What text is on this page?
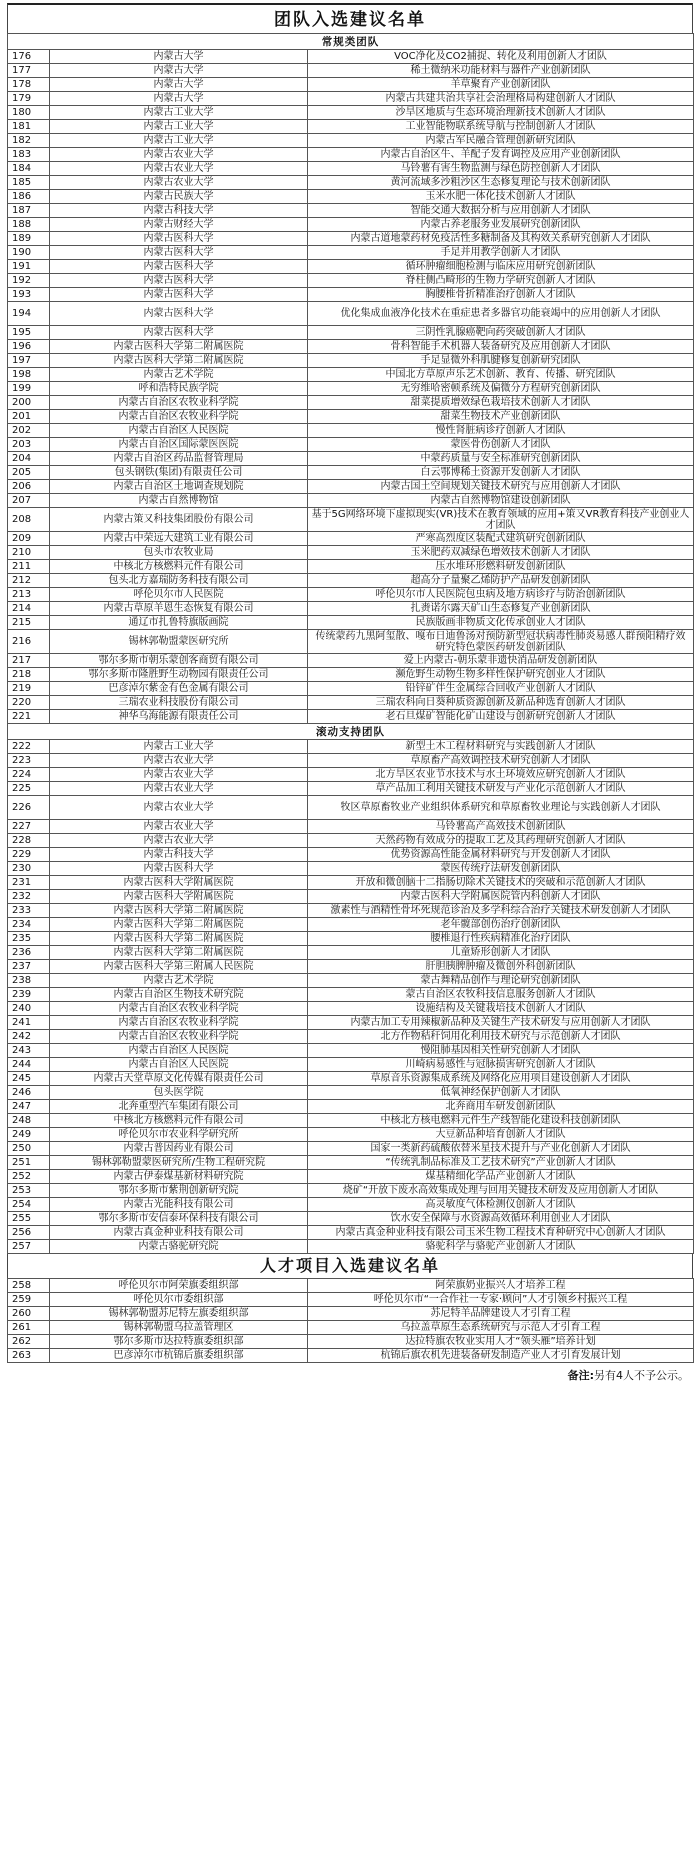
团队入选建议名单
常规类团队		
176	内蒙古大学	VOC净化及CO2捕捉、转化及利用创新人才团队
177	内蒙古大学	稀土微纳米功能材料与器件产业创新团队
178	内蒙古大学	羊草聚育产业创新团队
179	内蒙古大学	内蒙古共建共治共享社会治理格局构建创新人才团队
180	内蒙古工业大学	沙旱区地质与生态环境治理新技术创新人才团队
181	内蒙古工业大学	工业智能物联系统导航与控制创新人才团队
182	内蒙古工业大学	内蒙古军民融合管理创新研究团队
183	内蒙古农业大学	内蒙古自治区牛、羊配子发育调控及应用产业创新团队
184	内蒙古农业大学	马铃薯有害生物监测与绿色防控创新人才团队
185	内蒙古农业大学	黄河流域多沙粗沙区生态修复理论与技术创新团队
186	内蒙古民族大学	玉米水肥一体化技术创新人才团队
187	内蒙古科技大学	智能交通大数据分析与应用创新人才团队
188	内蒙古财经大学	内蒙古养老服务业发展研究创新团队
189	内蒙古医科大学	内蒙古道地蒙药材免疫活性多糖制备及其构效关系研究创新人才团队
190	内蒙古医科大学	手足并用教学创新人才团队
191	内蒙古医科大学	循环肿瘤细胞检测与临床应用研究创新团队
192	内蒙古医科大学	脊柱侧凸畸形的生物力学研究创新人才团队
193	内蒙古医科大学	胸腰椎骨折精准治疗创新人才团队
194	内蒙古医科大学	优化集成血液净化技术在重症患者多器官功能衰竭中的应用创新人才团队
195	内蒙古医科大学	三阴性乳腺癌靶向药突破创新人才团队
196	内蒙古医科大学第二附属医院	骨科智能手术机器人装备研究及应用创新人才团队
197	内蒙古医科大学第二附属医院	手足显微外科肌腱修复创新研究团队
198	内蒙古艺术学院	中国北方草原声乐艺术创新、教育、传播、研究团队
199	呼和浩特民族学院	无穷维哈密顿系统及偏微分方程研究创新团队
200	内蒙古自治区农牧业科学院	甜菜提质增效绿色栽培技术创新人才团队
201	内蒙古自治区农牧业科学院	甜菜生物技术产业创新团队
202	内蒙古自治区人民医院	慢性肾脏病诊疗创新人才团队
203	内蒙古自治区国际蒙医医院	蒙医骨伤创新人才团队
204	内蒙古自治区药品监督管理局	中蒙药质量与安全标准研究创新团队
205	包头钢铁(集团)有限责任公司	白云鄂博稀土资源开发创新人才团队
206	内蒙古自治区土地调查规划院	内蒙古国土空间规划关键技术研究与应用创新人才团队
207	内蒙古自然博物馆	内蒙古自然博物馆建设创新团队
208	内蒙古策又科技集团股份有限公司	基于5G网络环境下虚拟现实(VR)技术在教育领域的应用+策又VR教育科技产业创业人才团队
209	内蒙古中荣远大建筑工业有限公司	严寒高烈度区装配式建筑研究创新团队
210	包头市农牧业局	玉米肥药双减绿色增效技术创新人才团队
211	中核北方核燃料元件有限公司	压水堆环形燃料研发创新团队
212	包头北方嘉瑞防务科技有限公司	超高分子量聚乙烯防护产品研发创新团队
213	呼伦贝尔市人民医院	呼伦贝尔市人民医院包虫病及地方病诊疗与防治创新团队
214	内蒙古草原羊恩生态恢复有限公司	扎赉诺尔露天矿山生态修复产业创新团队
215	通辽市扎鲁特旗版画院	民族版画非物质文化传承创业人才团队
216	锡林郭勒盟蒙医研究所	传统蒙药九黑阿玺散、嘎布日迪鲁汤对预防新型冠状病毒性肺炎易感人群预阳精疗效研究特色蒙医药研发创新团队
217	鄂尔多斯市朝乐蒙创客商贸有限公司	爱上内蒙古-朝乐蒙非遗快消品研发创新团队
218	鄂尔多斯市隆胜野生动物园有限责任公司	濒危野生动物生物多样性保护研究创业人才团队
219	巴彦淖尔紫金有色金属有限公司	铅锌矿伴生金属综合回收产业创新人才团队
220	三瑞农业科技股份有限公司	三瑞农科向日葵种质资源创新及新品种选育创新人才团队
221	神华乌海能源有限责任公司	老石旦煤矿智能化矿山建设与创新研究创新人才团队
滚动支持团队		
222	内蒙古工业大学	新型土木工程材料研究与实践创新人才团队
223	内蒙古农业大学	草原畜产高效调控技术研究创新人才团队
224	内蒙古农业大学	北方旱区农业节水技术与水土环境效应研究创新人才团队
225	内蒙古农业大学	草产品加工利用关键技术研发与产业化示范创新人才团队
226	内蒙古农业大学	牧区草原畜牧业产业组织体系研究和草原畜牧业理论与实践创新人才团队
227	内蒙古农业大学	马铃薯高产高效技术创新团队
228	内蒙古农业大学	天然药物有效成分的提取工艺及其药理研究创新人才团队
229	内蒙古科技大学	优势资源高性能金属材料研究与开发创新人才团队
230	内蒙古医科大学	蒙医传统疗法研发创新团队
231	内蒙古医科大学附属医院	开放和微创脑十二指肠切除术关键技术的突破和示范创新人才团队
232	内蒙古医科大学附属医院	内蒙古医科大学附属医院管内科创新人才团队
233	内蒙古医科大学第二附属医院	激素性与酒精性骨坏死规范诊治及多学科综合治疗关键技术研发创新人才团队
234	内蒙古医科大学第二附属医院	老年髋部创伤治疗创新团队
235	内蒙古医科大学第二附属医院	腰椎退行性疾病精准化治疗团队
236	内蒙古医科大学第二附属医院	儿童矫形创新人才团队
237	内蒙古医科大学第三附属人民医院	肝胆胰脾肿瘤及微创外科创新团队
238	内蒙古艺术学院	蒙古舞精品创作与理论研究创新团队
239	内蒙古自治区生物技术研究院	蒙古自治区农牧科技信息服务创新人才团队
240	内蒙古自治区农牧业科学院	设施结构及关键栽培技术创新人才团队
241	内蒙古自治区农牧业科学院	内蒙古加工专用辣椒新品种及关键生产技术研发与应用创新人才团队
242	内蒙古自治区农牧业科学院	北方作物秸秆饲用化利用技术研究与示范创新人才团队
243	内蒙古自治区人民医院	慢阻肺基因相关性研究创新人才团队
244	内蒙古自治区人民医院	川崎病易感性与冠脉损害研究创新人才团队
245	内蒙古天堂草原文化传媒有限责任公司	草原音乐资源集成系统及网络化应用项目建设创新人才团队
246	包头医学院	低氧神经保护创新人才团队
247	北奔重型汽车集团有限公司	北奔商用车研发创新团队
248	中核北方核燃料元件有限公司	中核北方核电燃料元件生产线智能化建设科技创新团队
249	呼伦贝尔市农业科学研究所	大豆新品种培育创新人才团队
250	内蒙古普因药业有限公司	国家一类新药硫酸依替米星技术提升与产业化创新人才团队
251	锡林郭勒盟蒙医研究所/生物工程研究院	“传统乳制品标准及工艺技术研究”产业创新人才团队
252	内蒙古伊泰煤基新材料研究院	煤基精细化学品产业创新人才团队
253	鄂尔多斯市紫荆创新研究院	烧矿“开放下废水高效集成处理与回用关键技术研发及应用创新人才团队
254	内蒙古光能科技有限公司	高灵敏度气体检测仪创新人才团队
255	鄂尔多斯市安信泰环保科技有限公司	饮水安全保障与水资源高效循环利用创业人才团队
256	内蒙古真金种业科技有限公司	内蒙古真金种业科技有限公司玉米生物工程技术育种研究中心创新人才团队
257	内蒙古骆驼研究院	骆驼科学与骆驼产业创新人才团队
人才项目入选建议名单
258	呼伦贝尔市阿荣旗委组织部	阿荣旗奶业振兴人才培养工程
259	呼伦贝尔市委组织部	呼伦贝尔市“一合作社一专家·顾问”人才引领乡村振兴工程
260	锡林郭勒盟苏尼特左旗委组织部	苏尼特羊品牌建设人才引育工程
261	锡林郭勒盟乌拉盖管理区	乌拉盖草原生态系统研究与示范人才引育工程
262	鄂尔多斯市达拉特旗委组织部	达拉特旗农牧业实用人才“领头雁”培养计划
263	巴彦淖尔市杭锦后旗委组织部	杭锦后旗农机先进装备研发制造产业人才引育发展计划
备注:另有4人不予公示。
